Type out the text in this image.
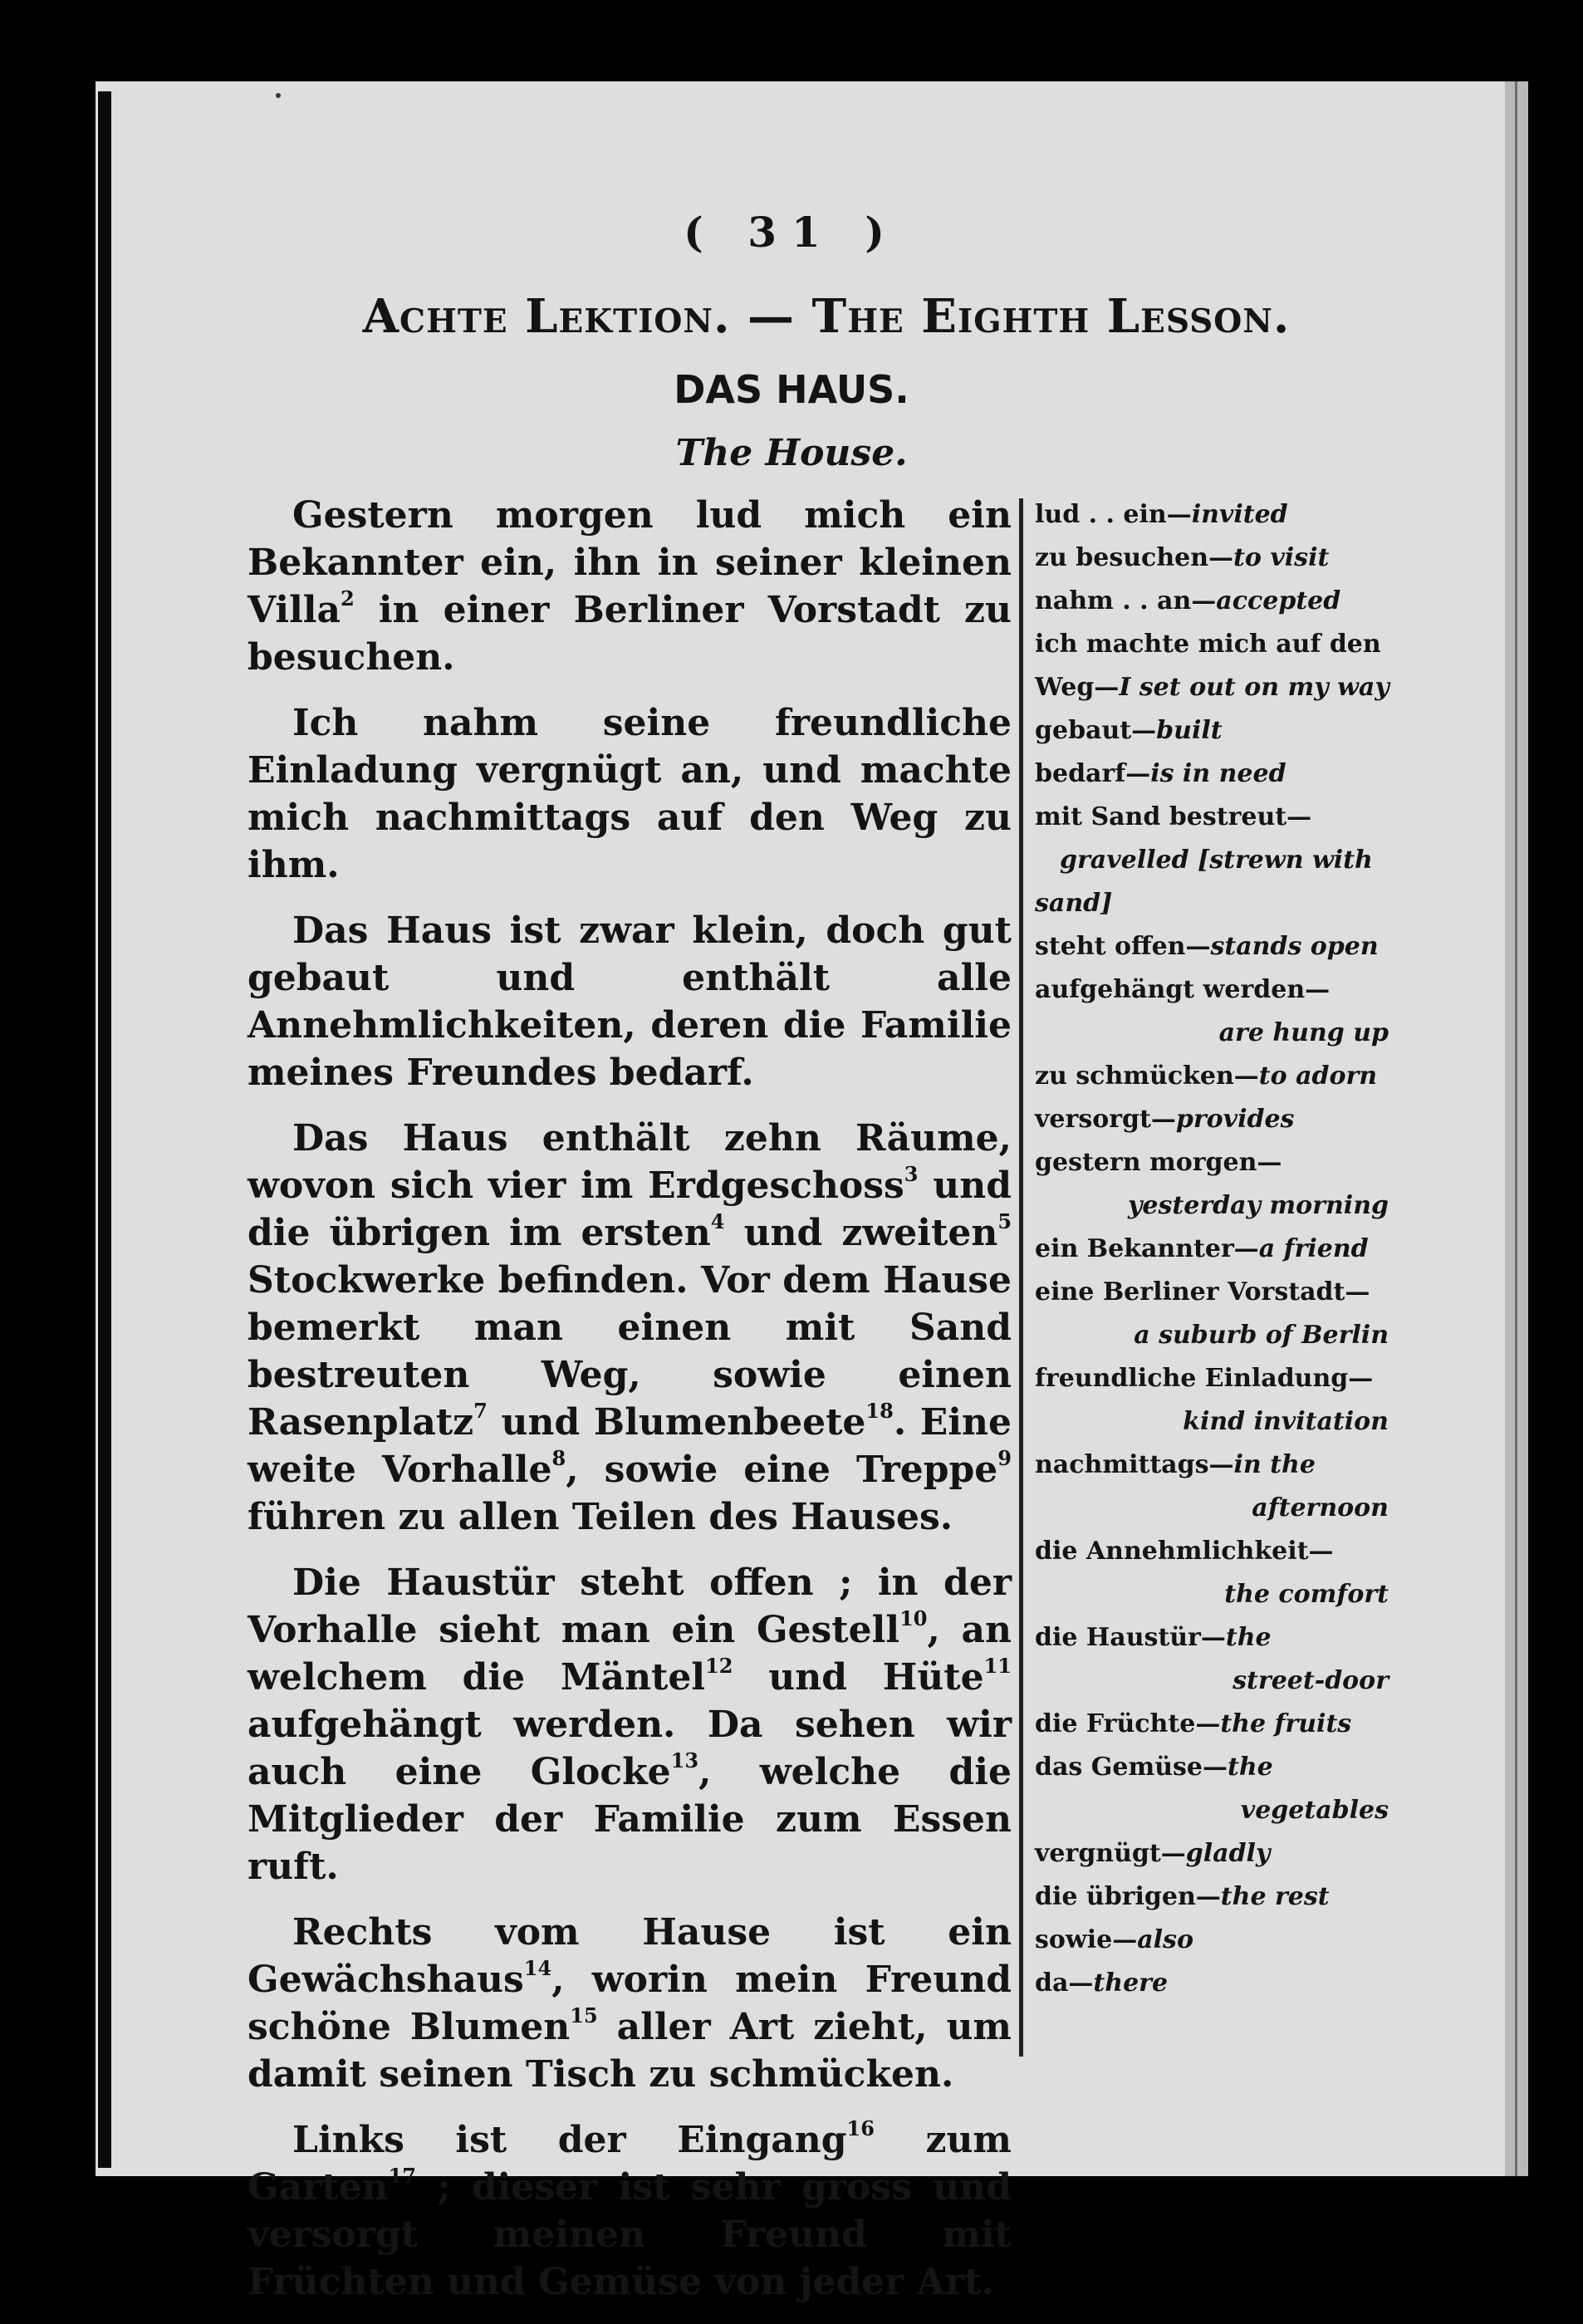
( 31 )
Achte Lektion. — The Eighth Lesson.
DAS HAUS.
The House.

Gestern morgen lud mich ein Bekannter ein, ihn in seiner kleinen Villa$^2$ in einer Berliner Vorstadt zu besuchen.

Ich nahm seine freundliche Einladung vergnügt an, und machte mich nachmittags auf den Weg zu ihm.

Das Haus ist zwar klein, doch gut gebaut und enthält alle Annehmlichkeiten, deren die Familie meines Freundes bedarf.

Das Haus enthält zehn Räume, wovon sich vier im Erdgeschoss$^3$ und die übrigen im ersten$^4$ und zweiten$^5$ Stockwerke befinden. Vor dem Hause bemerkt man einen mit Sand bestreuten Weg, sowie einen Rasenplatz$^7$ und Blumenbeete$^{18}$. Eine weite Vorhalle$^8$, sowie eine Treppe$^9$ führen zu allen Teilen des Hauses.

Die Haustür steht offen ; in der Vorhalle sieht man ein Gestell$^{10}$, an welchem die Mäntel$^{12}$ und Hüte$^{11}$ aufgehängt werden. Da sehen wir auch eine Glocke$^{13}$, welche die Mitglieder der Familie zum Essen ruft.

Rechts vom Hause ist ein Gewächshaus$^{14}$, worin mein Freund schöne Blumen$^{15}$ aller Art zieht, um damit seinen Tisch zu schmücken.

Links ist der Eingang$^{16}$ zum Garten$^{17}$ ; dieser ist sehr gross und versorgt meinen Freund mit Früchten und Gemüse von jeder Art.

lud . . ein—invited
zu besuchen—to visit
nahm . . an—accepted
ich machte mich auf den
Weg—I set out on my way
gebaut—built
bedarf—is in need
mit Sand bestreut—
gravelled [strewn with
sand]
steht offen—stands open
aufgehängt werden—
are hung up
zu schmücken—to adorn
versorgt—provides
gestern morgen—
yesterday morning
ein Bekannter—a friend
eine Berliner Vorstadt—
a suburb of Berlin
freundliche Einladung—
kind invitation
nachmittags—in the
afternoon
die Annehmlichkeit—
the comfort
die Haustür—the
street-door
die Früchte—the fruits
das Gemüse—the
vegetables
vergnügt—gladly
die übrigen—the rest
sowie—also
da—there
